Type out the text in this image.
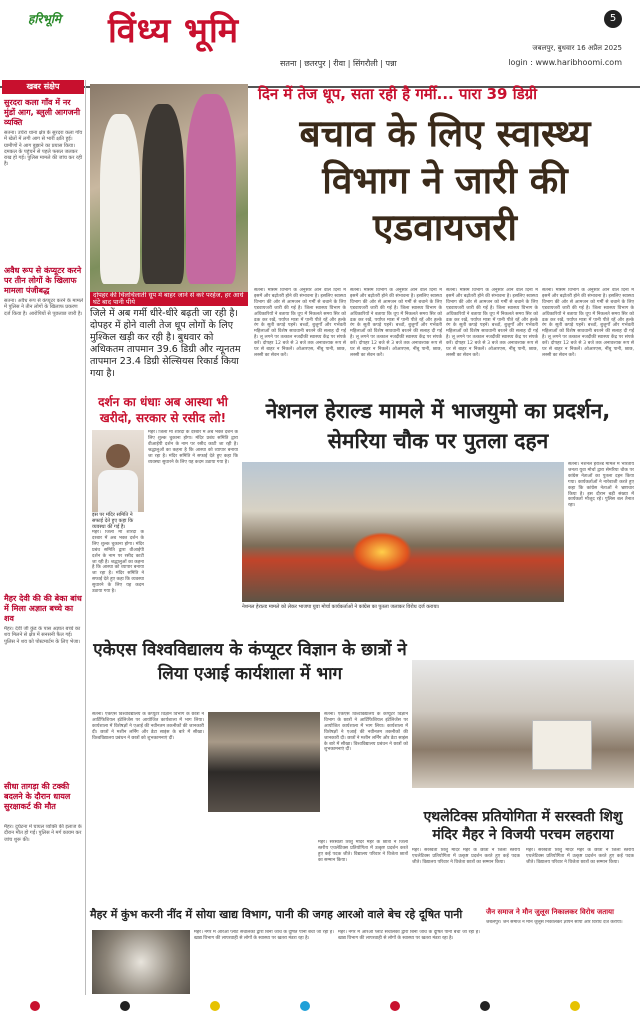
हरिभूमि विंध्य भूमि	5
सतना | छतरपुर | रीवा | सिंगरौली | पन्ना
जबलपुर, बुधवार 16 अप्रैल 2025
login : www.haribhoomi.com
खबर संक्षेप
सुरदरा कला गाँव में नर मुंडों आग, ब्लुली आगजनी व्यक्ति
सतना। उचेरा थाना क्षेत्र के सुरदरा कला गाँव में खेतों में लगी आग से भारी क्षति हुई। ग्रामीणों ने आग बुझाने का प्रयास किया। दमकल के पहुंचने से पहले फसल जलकर राख हो गई। पुलिस मामले की जांच कर रही है।
अवैध रूप से कंप्यूटर करने पर तीन लोगों के खिलाफ मामला पंजीबद्ध
सतना। अवैध रूप से कंप्यूटर करने के मामले में पुलिस ने तीन लोगों के खिलाफ प्रकरण दर्ज किया है। आरोपियों से पूछताछ जारी है।
मैहर देवी की की बेका बांध में मिला अज्ञात बच्चे का शव
मैहर। देवी जी कुंड के पास अज्ञात बच्चे का शव मिलने से क्षेत्र में सनसनी फैल गई। पुलिस ने शव को पोस्टमार्टम के लिए भेजा।
सीधा तागड़ा की टक्की बदलने के दौरान धायल सुरक्षाकर्ट की मौत
मैहर। दुर्घटना में घायल व्यक्ति की इलाज के दौरान मौत हो गई। पुलिस ने मर्ग कायम कर जांच शुरू की।
दोपहर की चिलचिलाती धूप में बाहर जाने से करें परहेज, हर आधे घंटे बाद पानी पीये
जिले में अब गर्मी धीरे-धीरे बढ़ती जा रही है। दोपहर में होने वाली तेज धूप लोगों के लिए मुश्किल खड़ी कर रही है। बुधवार को अधिकतम तापमान 39.6 डिग्री और न्यूनतम तापमान 23.4 डिग्री सेल्सियस रिकार्ड किया गया है।
दिन में तेज धूप, सता रही है गर्मी... पारा 39 डिग्री
बचाव के लिए स्वास्थ्य विभाग ने जारी की एडवायजरी
सतना। मौसम विभाग के अनुसार आने वाले दिनों में इसमें और बढ़ोतरी होने की संभावना है। इसलिए स्वास्थ्य विभाग की ओर से आमजन को गर्मी से बचाने के लिए एडवायजरी जारी की गई है। जिला स्वास्थ्य विभाग के अधिकारियों ने बताया कि धूप में निकलते समय सिर को ढक कर रखें, पर्याप्त मात्रा में पानी पीते रहें और हल्के रंग के सूती कपड़े पहनें। बच्चों, बुजुर्गों और गर्भवती महिलाओं को विशेष सावधानी बरतने की सलाह दी गई है। लू लगने पर तत्काल नजदीकी स्वास्थ्य केंद्र पर संपर्क करें। दोपहर 12 बजे से 3 बजे तक अनावश्यक रूप से घर से बाहर न निकलें। ओआरएस, नींबू पानी, छाछ, लस्सी का सेवन करें।
सतना। मौसम विभाग के अनुसार आने वाले दिनों में इसमें और बढ़ोतरी होने की संभावना है। इसलिए स्वास्थ्य विभाग की ओर से आमजन को गर्मी से बचाने के लिए एडवायजरी जारी की गई है। जिला स्वास्थ्य विभाग के अधिकारियों ने बताया कि धूप में निकलते समय सिर को ढक कर रखें, पर्याप्त मात्रा में पानी पीते रहें और हल्के रंग के सूती कपड़े पहनें। बच्चों, बुजुर्गों और गर्भवती महिलाओं को विशेष सावधानी बरतने की सलाह दी गई है। लू लगने पर तत्काल नजदीकी स्वास्थ्य केंद्र पर संपर्क करें। दोपहर 12 बजे से 3 बजे तक अनावश्यक रूप से घर से बाहर न निकलें। ओआरएस, नींबू पानी, छाछ, लस्सी का सेवन करें।
सतना। मौसम विभाग के अनुसार आने वाले दिनों में इसमें और बढ़ोतरी होने की संभावना है। इसलिए स्वास्थ्य विभाग की ओर से आमजन को गर्मी से बचाने के लिए एडवायजरी जारी की गई है। जिला स्वास्थ्य विभाग के अधिकारियों ने बताया कि धूप में निकलते समय सिर को ढक कर रखें, पर्याप्त मात्रा में पानी पीते रहें और हल्के रंग के सूती कपड़े पहनें। बच्चों, बुजुर्गों और गर्भवती महिलाओं को विशेष सावधानी बरतने की सलाह दी गई है। लू लगने पर तत्काल नजदीकी स्वास्थ्य केंद्र पर संपर्क करें। दोपहर 12 बजे से 3 बजे तक अनावश्यक रूप से घर से बाहर न निकलें। ओआरएस, नींबू पानी, छाछ, लस्सी का सेवन करें।
सतना। मौसम विभाग के अनुसार आने वाले दिनों में इसमें और बढ़ोतरी होने की संभावना है। इसलिए स्वास्थ्य विभाग की ओर से आमजन को गर्मी से बचाने के लिए एडवायजरी जारी की गई है। जिला स्वास्थ्य विभाग के अधिकारियों ने बताया कि धूप में निकलते समय सिर को ढक कर रखें, पर्याप्त मात्रा में पानी पीते रहें और हल्के रंग के सूती कपड़े पहनें। बच्चों, बुजुर्गों और गर्भवती महिलाओं को विशेष सावधानी बरतने की सलाह दी गई है। लू लगने पर तत्काल नजदीकी स्वास्थ्य केंद्र पर संपर्क करें। दोपहर 12 बजे से 3 बजे तक अनावश्यक रूप से घर से बाहर न निकलें। ओआरएस, नींबू पानी, छाछ, लस्सी का सेवन करें।
दर्शन का धंधाः अब आस्था भी खरीदो, सरकार से रसीद लो!
इस पर मंदिर समिति ने सफाई देते हुए कहा कि व्यवस्था की गई है।
मैहर। जिला मां शारदा के दरबार में अब भक्त दर्शन के लिए शुल्क चुकाना होगा। मंदिर प्रबंध समिति द्वारा वीआईपी दर्शन के नाम पर रसीद काटी जा रही है। श्रद्धालुओं का कहना है कि आस्था को व्यापार बनाया जा रहा है। मंदिर समिति ने सफाई देते हुए कहा कि व्यवस्था सुधारने के लिए यह कदम उठाया गया है।
मैहर। जिला मां शारदा के दरबार में अब भक्त दर्शन के लिए शुल्क चुकाना होगा। मंदिर प्रबंध समिति द्वारा वीआईपी दर्शन के नाम पर रसीद काटी जा रही है। श्रद्धालुओं का कहना है कि आस्था को व्यापार बनाया जा रहा है। मंदिर समिति ने सफाई देते हुए कहा कि व्यवस्था सुधारने के लिए यह कदम उठाया गया है।
नेशनल हेराल्ड मामले में भाजयुमो का प्रदर्शन, सेमरिया चौक पर पुतला दहन
नेशनल हेराल्ड मामले को लेकर भाजपा युवा मोर्चा कार्यकर्ताओं ने कांग्रेस का पुतला जलाकर विरोध दर्ज कराया।
सतना। नेशनल हेराल्ड मामले में भारतीय जनता युवा मोर्चा द्वारा सेमरिया चौक पर कांग्रेस नेताओं का पुतला दहन किया गया। कार्यकर्ताओं ने नारेबाजी करते हुए कहा कि कांग्रेस नेताओं ने भ्रष्टाचार किया है। इस दौरान बड़ी संख्या में कार्यकर्ता मौजूद रहे। पुलिस बल तैनात रहा।
एकेएस विश्वविद्यालय के कंप्यूटर विज्ञान के छात्रों ने लिया एआई कार्यशाला में भाग
सतना। एकेएस विश्वविद्यालय के कंप्यूटर विज्ञान विभाग के छात्रों ने आर्टिफिशियल इंटेलिजेंस पर आयोजित कार्यशाला में भाग लिया। कार्यशाला में विशेषज्ञों ने एआई की नवीनतम तकनीकों की जानकारी दी। छात्रों ने मशीन लर्निंग और डेटा साइंस के बारे में सीखा। विश्वविद्यालय प्रबंधन ने छात्रों को शुभकामनाएं दीं।
सतना। एकेएस विश्वविद्यालय के कंप्यूटर विज्ञान विभाग के छात्रों ने आर्टिफिशियल इंटेलिजेंस पर आयोजित कार्यशाला में भाग लिया। कार्यशाला में विशेषज्ञों ने एआई की नवीनतम तकनीकों की जानकारी दी। छात्रों ने मशीन लर्निंग और डेटा साइंस के बारे में सीखा। विश्वविद्यालय प्रबंधन ने छात्रों को शुभकामनाएं दीं।
एथलेटिक्स प्रतियोगिता में सरस्वती शिशु मंदिर मैहर ने विजयी परचम लहराया
मैहर। सरस्वती शिशु मंदिर मैहर के छात्रों ने जिला स्तरीय एथलेटिक्स प्रतियोगिता में उत्कृष्ट प्रदर्शन करते हुए कई पदक जीते। विद्यालय परिवार ने विजेता छात्रों का सम्मान किया।
मैहर। सरस्वती शिशु मंदिर मैहर के छात्रों ने जिला स्तरीय एथलेटिक्स प्रतियोगिता में उत्कृष्ट प्रदर्शन करते हुए कई पदक जीते। विद्यालय परिवार ने विजेता छात्रों का सम्मान किया।
मैहर। सरस्वती शिशु मंदिर मैहर के छात्रों ने जिला स्तरीय एथलेटिक्स प्रतियोगिता में उत्कृष्ट प्रदर्शन करते हुए कई पदक जीते। विद्यालय परिवार ने विजेता छात्रों का सम्मान किया।
मैहर में कुंभ करनी नींद में सोया खाद्य विभाग, पानी की जगह आरओ वाले बेच रहे दूषित पानी
मैहर। नगर में आरओ प्लांट संचालकों द्वारा बिना जांच के दूषित पानी बेचा जा रहा है। खाद्य विभाग की लापरवाही से लोगों के स्वास्थ्य पर खतरा मंडरा रहा है।
मैहर। नगर में आरओ प्लांट संचालकों द्वारा बिना जांच के दूषित पानी बेचा जा रहा है। खाद्य विभाग की लापरवाही से लोगों के स्वास्थ्य पर खतरा मंडरा रहा है।
जैन समाज ने मौन जुलूस निकालकर विरोध जताया
जबलपुर। जैन समाज ने मौन जुलूस निकालकर ज्ञापन सौंपा और विरोध दर्ज कराया।
